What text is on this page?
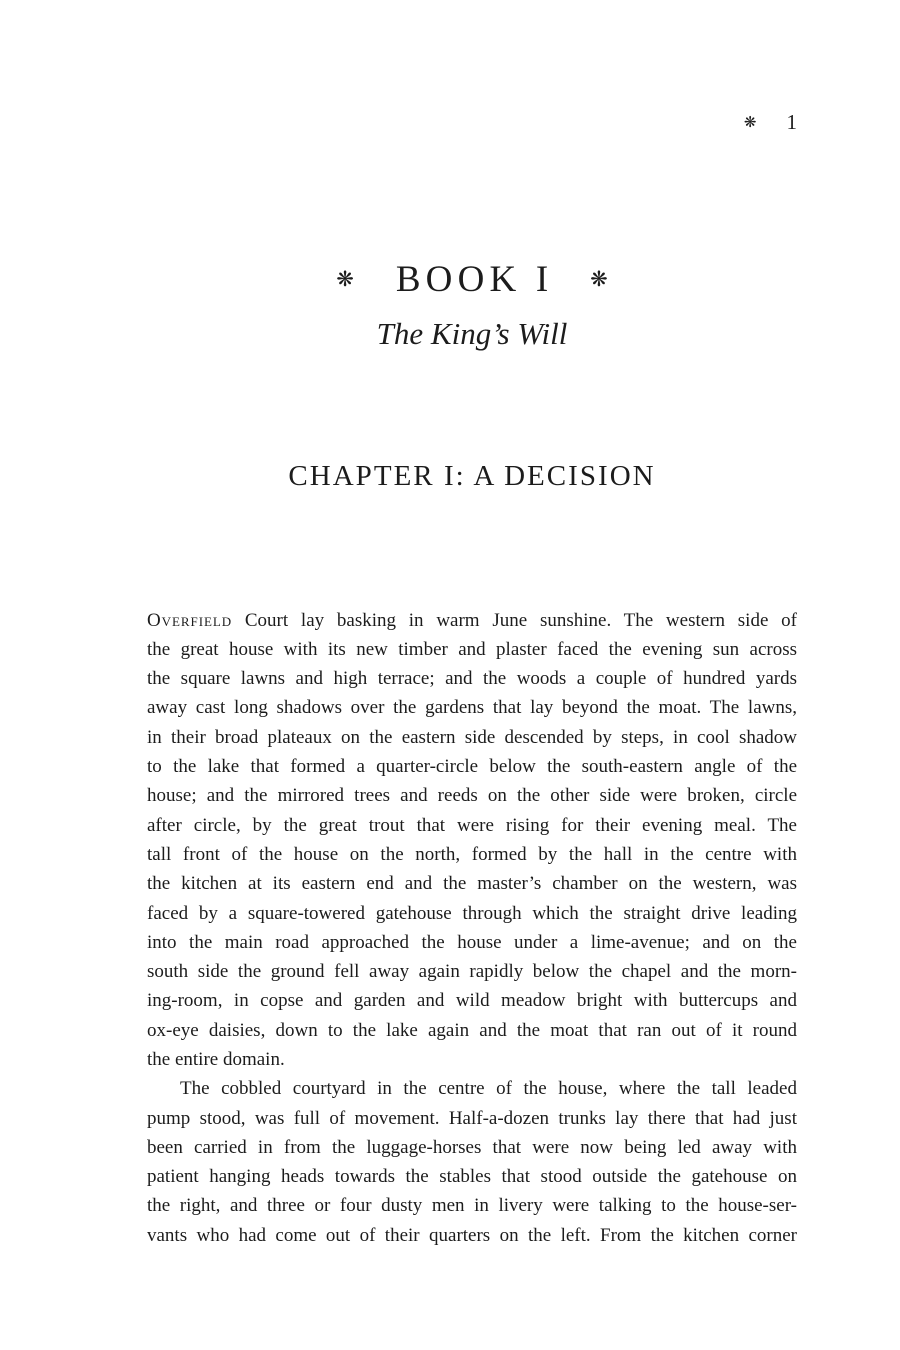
❋ 1
❋ BOOK I ❋
The King’s Will
CHAPTER I: A DECISION
Overfield Court lay basking in warm June sunshine. The western side of
the great house with its new timber and plaster faced the evening sun across
the square lawns and high terrace; and the woods a couple of hundred yards
away cast long shadows over the gardens that lay beyond the moat. The lawns,
in their broad plateaux on the eastern side descended by steps, in cool shadow
to the lake that formed a quarter-circle below the south-eastern angle of the
house; and the mirrored trees and reeds on the other side were broken, circle
after circle, by the great trout that were rising for their evening meal. The
tall front of the house on the north, formed by the hall in the centre with
the kitchen at its eastern end and the master’s chamber on the western, was
faced by a square-towered gatehouse through which the straight drive leading
into the main road approached the house under a lime-avenue; and on the
south side the ground fell away again rapidly below the chapel and the morn-
ing-room, in copse and garden and wild meadow bright with buttercups and
ox-eye daisies, down to the lake again and the moat that ran out of it round
the entire domain.
The cobbled courtyard in the centre of the house, where the tall leaded
pump stood, was full of movement. Half-a-dozen trunks lay there that had just
been carried in from the luggage-horses that were now being led away with
patient hanging heads towards the stables that stood outside the gatehouse on
the right, and three or four dusty men in livery were talking to the house-ser-
vants who had come out of their quarters on the left. From the kitchen corner
